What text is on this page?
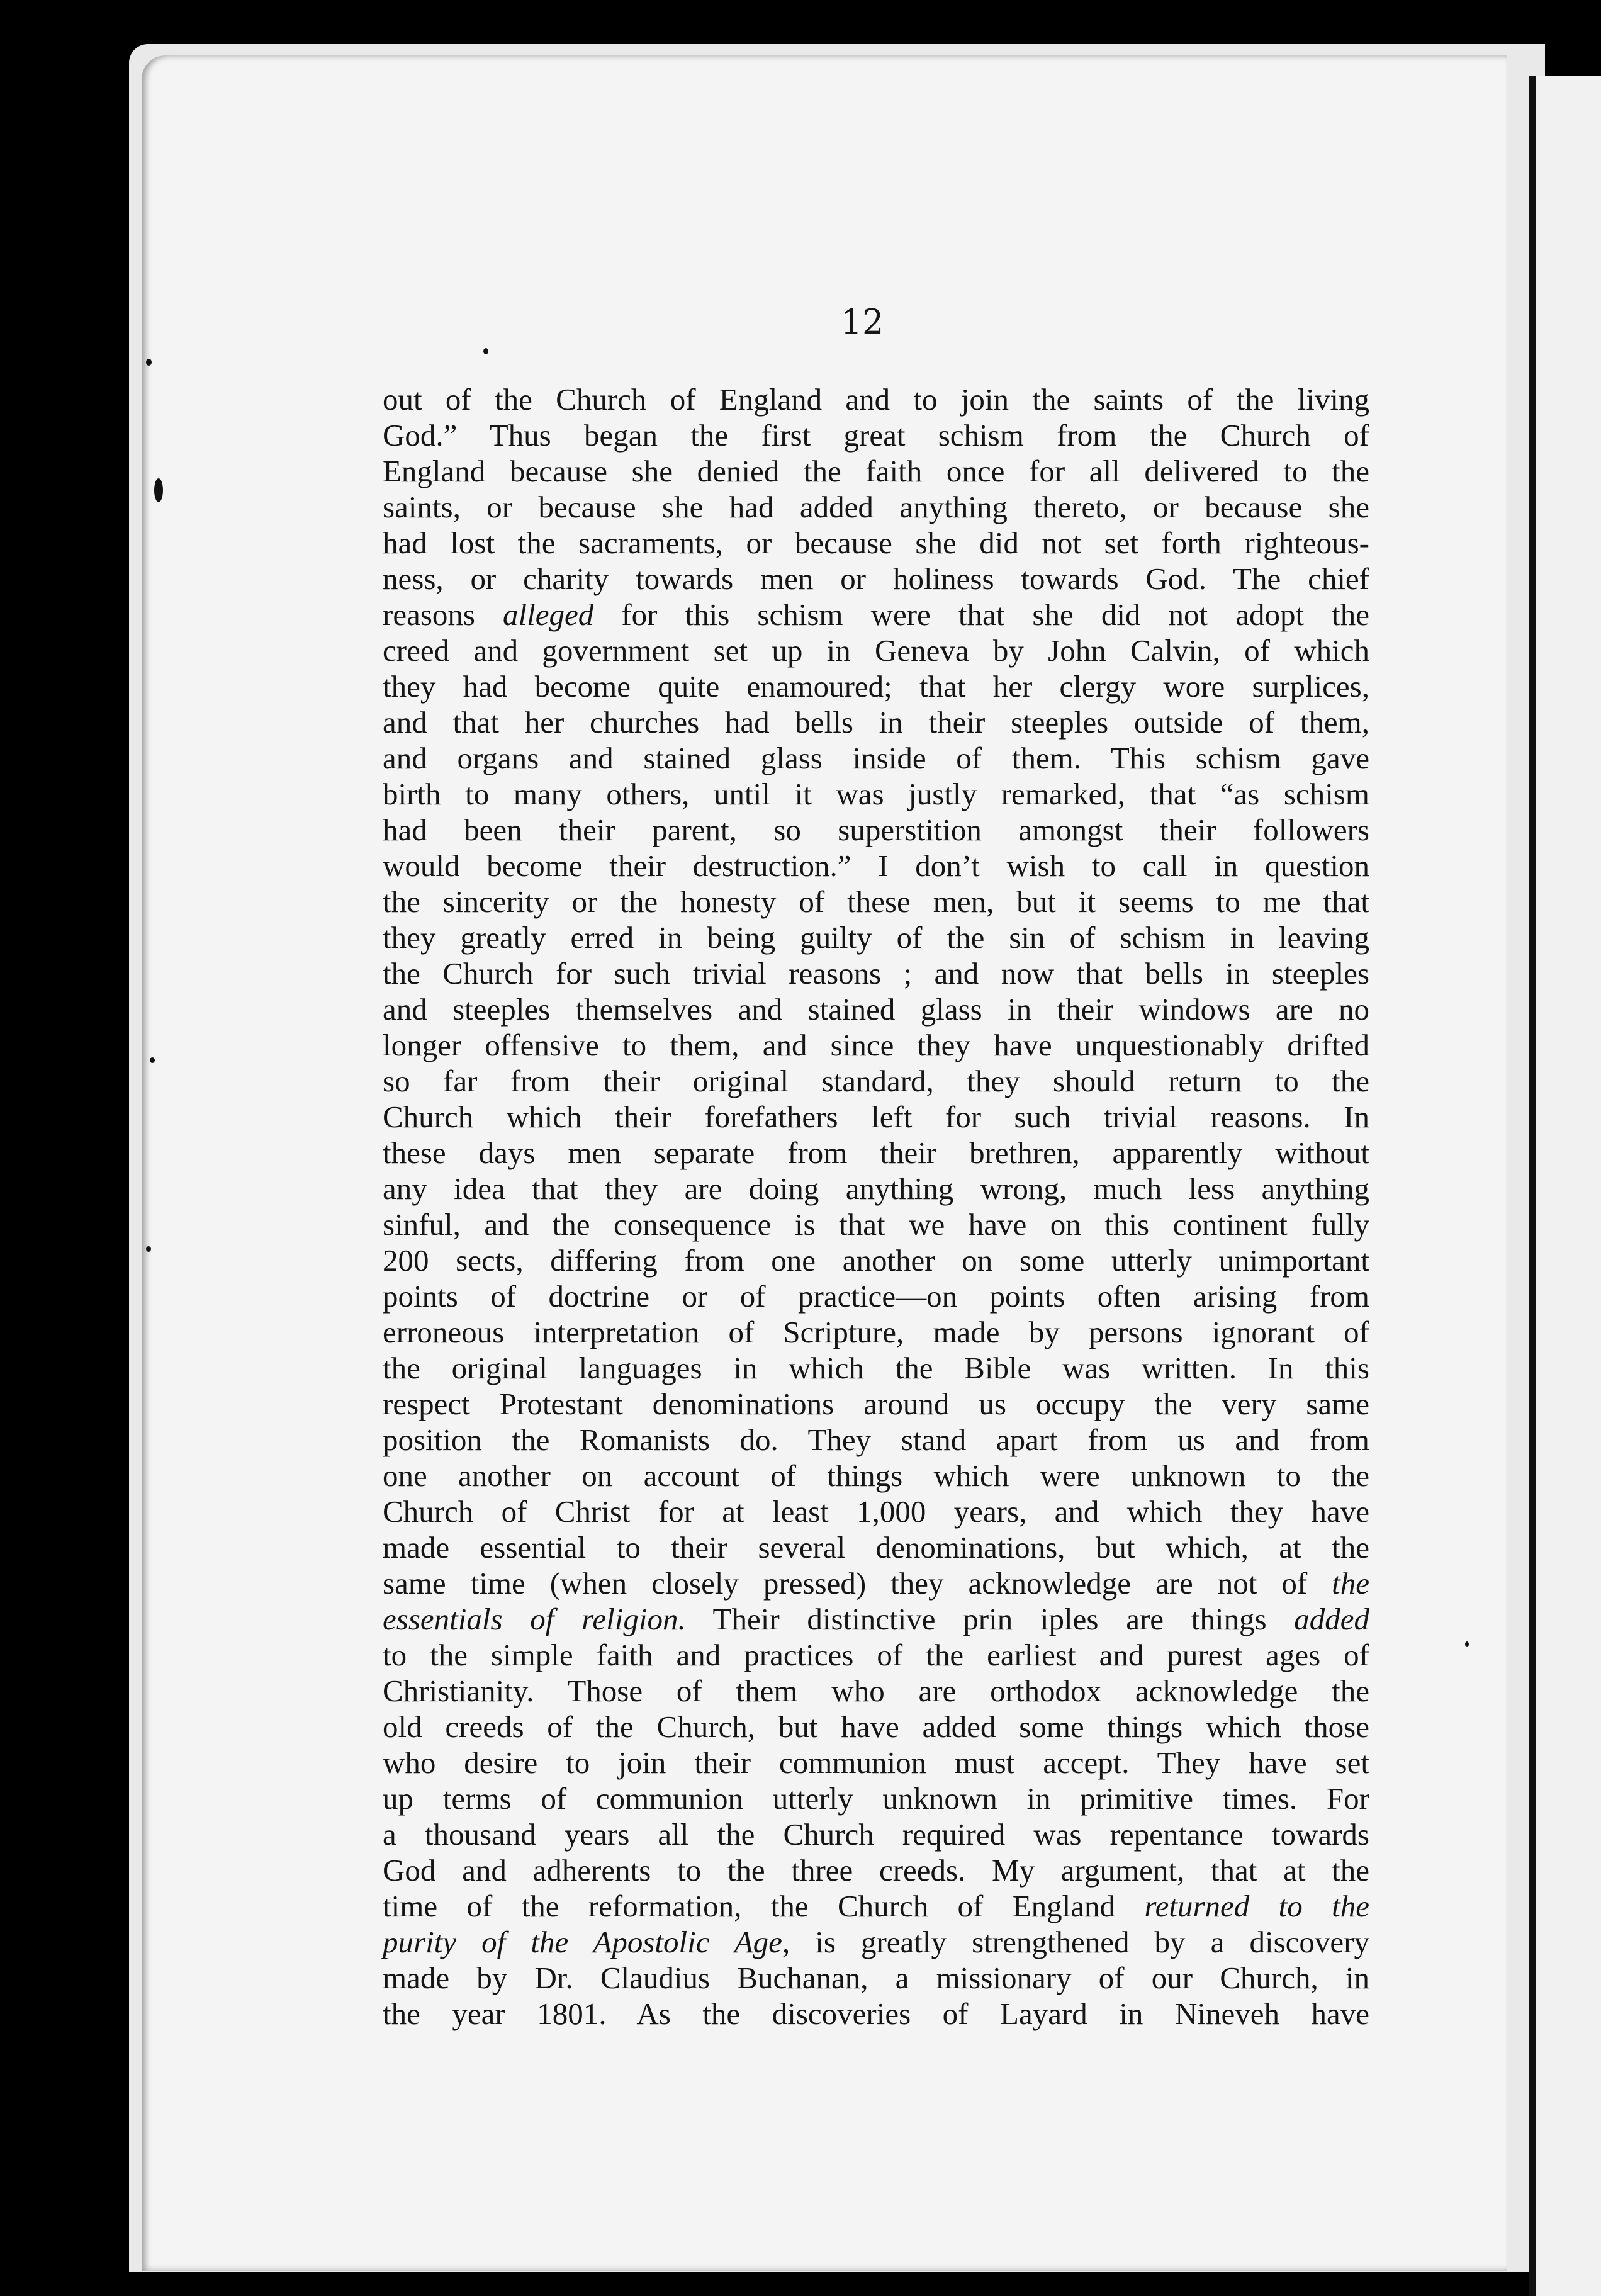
12
out of the Church of England and to join the saints of the living
God.” Thus began the first great schism from the Church of
England because she denied the faith once for all delivered to the
saints, or because she had added anything thereto, or because she
had lost the sacraments, or because she did not set forth righteous-
ness, or charity towards men or holiness towards God. The chief
reasons alleged for this schism were that she did not adopt the
creed and government set up in Geneva by John Calvin, of which
they had become quite enamoured; that her clergy wore surplices,
and that her churches had bells in their steeples outside of them,
and organs and stained glass inside of them. This schism gave
birth to many others, until it was justly remarked, that “as schism
had been their parent, so superstition amongst their followers
would become their destruction.” I don’t wish to call in question
the sincerity or the honesty of these men, but it seems to me that
they greatly erred in being guilty of the sin of schism in leaving
the Church for such trivial reasons ; and now that bells in steeples
and steeples themselves and stained glass in their windows are no
longer offensive to them, and since they have unquestionably drifted
so far from their original standard, they should return to the
Church which their forefathers left for such trivial reasons. In
these days men separate from their brethren, apparently without
any idea that they are doing anything wrong, much less anything
sinful, and the consequence is that we have on this continent fully
200 sects, differing from one another on some utterly unimportant
points of doctrine or of practice—on points often arising from
erroneous interpretation of Scripture, made by persons ignorant of
the original languages in which the Bible was written. In this
respect Protestant denominations around us occupy the very same
position the Romanists do. They stand apart from us and from
one another on account of things which were unknown to the
Church of Christ for at least 1,000 years, and which they have
made essential to their several denominations, but which, at the
same time (when closely pressed) they acknowledge are not of the
essentials of religion. Their distinctive prin iples are things added
to the simple faith and practices of the earliest and purest ages of
Christianity. Those of them who are orthodox acknowledge the
old creeds of the Church, but have added some things which those
who desire to join their communion must accept. They have set
up terms of communion utterly unknown in primitive times. For
a thousand years all the Church required was repentance towards
God and adherents to the three creeds. My argument, that at the
time of the reformation, the Church of England returned to the
purity of the Apostolic Age, is greatly strengthened by a discovery
made by Dr. Claudius Buchanan, a missionary of our Church, in
the year 1801. As the discoveries of Layard in Nineveh have
